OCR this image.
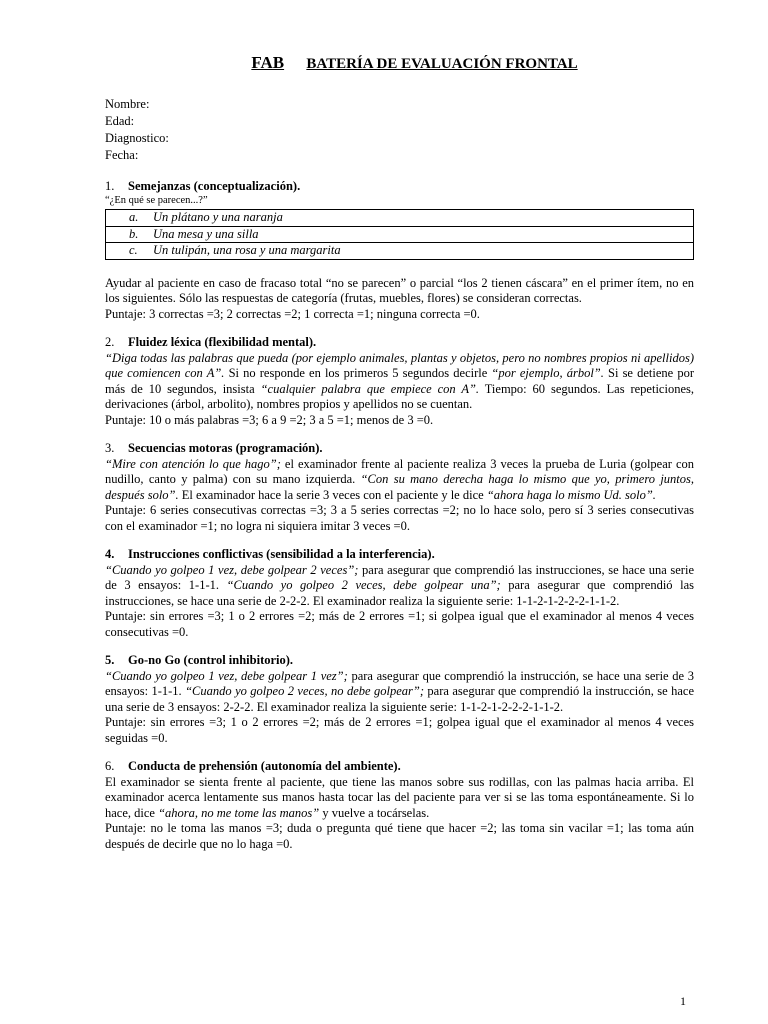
FAB BATERÍA DE EVALUACIÓN FRONTAL
Nombre:
Edad:
Diagnostico:
Fecha:
1.	Semejanzas (conceptualización).
“¿En qué se parecen...?”
a. Un plátano y una naranja
b. Una mesa y una silla
c. Un tulipán, una rosa y una margarita

Ayudar al paciente en caso de fracaso total “no se parecen” o parcial “los 2 tienen cáscara” en el primer ítem, no en los siguientes. Sólo las respuestas de categoría (frutas, muebles, flores) se consideran correctas.

Puntaje: 3 correctas =3; 2 correctas =2; 1 correcta =1; ninguna correcta =0.

2.	Fluidez léxica (flexibilidad mental).

“Diga todas las palabras que pueda (por ejemplo animales, plantas y objetos, pero no nombres propios ni apellidos) que comiencen con A”. Si no responde en los primeros 5 segundos decirle “por ejemplo, árbol”. Si se detiene por más de 10 segundos, insista “cualquier palabra que empiece con A”. Tiempo: 60 segundos. Las repeticiones, derivaciones (árbol, arbolito), nombres propios y apellidos no se cuentan.

Puntaje: 10 o más palabras =3; 6 a 9 =2; 3 a 5 =1; menos de 3 =0.

3.	Secuencias motoras (programación).

“Mire con atención lo que hago”; el examinador frente al paciente realiza 3 veces la prueba de Luria (golpear con nudillo, canto y palma) con su mano izquierda. “Con su mano derecha haga lo mismo que yo, primero juntos, después solo”. El examinador hace la serie 3 veces con el paciente y le dice “ahora haga lo mismo Ud. solo”.

Puntaje: 6 series consecutivas correctas =3; 3 a 5 series correctas =2; no lo hace solo, pero sí 3 series consecutivas con el examinador =1; no logra ni siquiera imitar 3 veces =0.

4.	Instrucciones conflictivas (sensibilidad a la interferencia).

“Cuando yo golpeo 1 vez, debe golpear 2 veces”; para asegurar que comprendió las instrucciones, se hace una serie de 3 ensayos: 1-1-1. “Cuando yo golpeo 2 veces, debe golpear una”; para asegurar que comprendió las instrucciones, se hace una serie de 2-2-2. El examinador realiza la siguiente serie: 1-1-2-1-2-2-2-1-1-2.

Puntaje: sin errores =3; 1 o 2 errores =2; más de 2 errores =1; si golpea igual que el examinador al menos 4 veces consecutivas =0.

5.	Go-no Go (control inhibitorio).

“Cuando yo golpeo 1 vez, debe golpear 1 vez”; para asegurar que comprendió la instrucción, se hace una serie de 3 ensayos: 1-1-1. “Cuando yo golpeo 2 veces, no debe golpear”; para asegurar que comprendió la instrucción, se hace una serie de 3 ensayos: 2-2-2. El examinador realiza la siguiente serie: 1-1-2-1-2-2-2-1-1-2.

Puntaje: sin errores =3; 1 o 2 errores =2; más de 2 errores =1; golpea igual que el examinador al menos 4 veces seguidas =0.

6.	Conducta de prehensión (autonomía del ambiente).

El examinador se sienta frente al paciente, que tiene las manos sobre sus rodillas, con las palmas hacia arriba. El examinador acerca lentamente sus manos hasta tocar las del paciente para ver si se las toma espontáneamente. Si lo hace, dice “ahora, no me tome las manos” y vuelve a tocárselas.

Puntaje: no le toma las manos =3; duda o pregunta qué tiene que hacer =2; las toma sin vacilar =1; las toma aún después de decirle que no lo haga =0.

1
